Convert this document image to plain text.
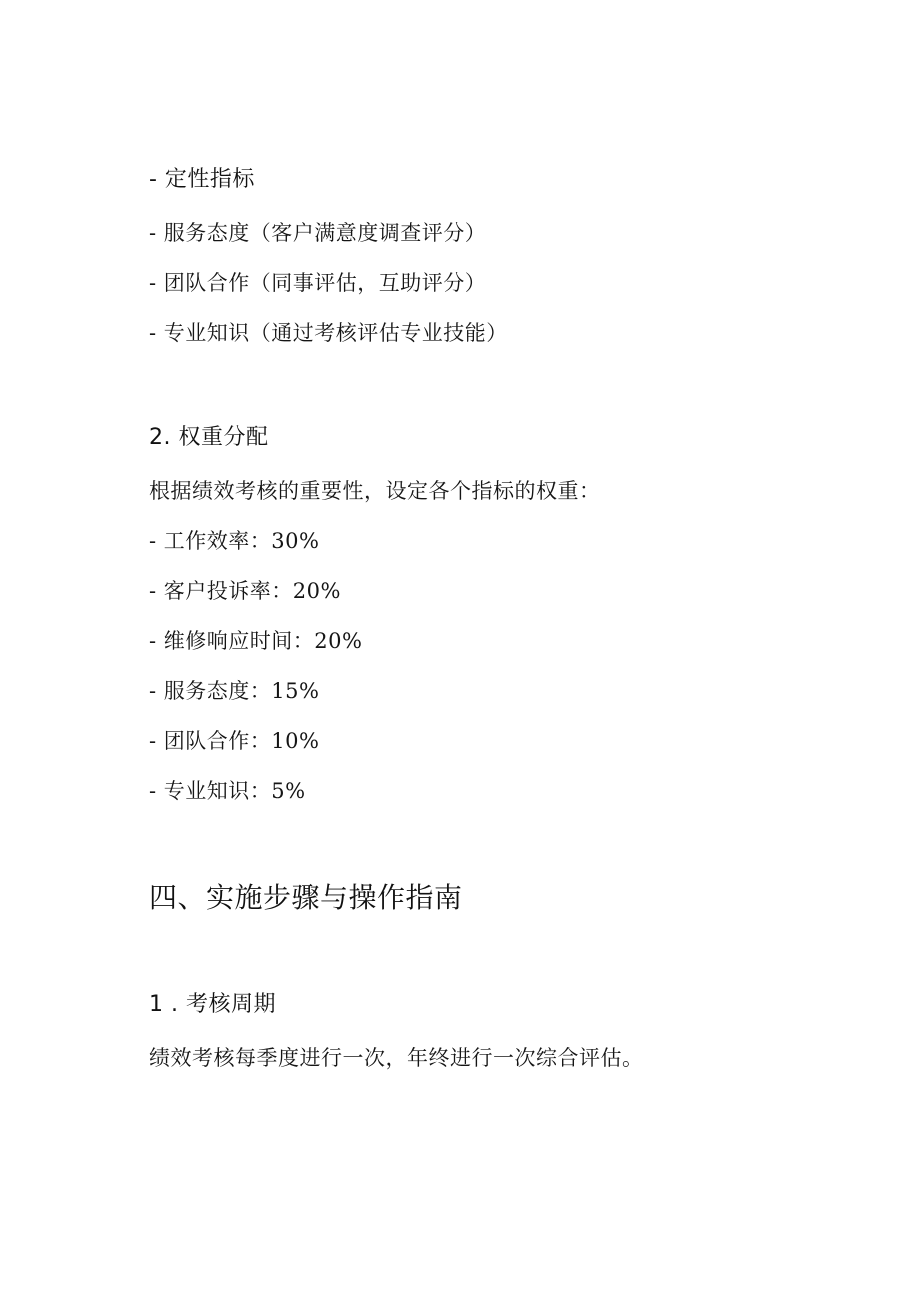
- 定性指标
- 服务态度（客户满意度调查评分）
- 团队合作（同事评估，互助评分）
- 专业知识（通过考核评估专业技能）
2. 权重分配
根据绩效考核的重要性，设定各个指标的权重：
- 工作效率：30%
- 客户投诉率：20%
- 维修响应时间：20%
- 服务态度：15%
- 团队合作：10%
- 专业知识：5%
四、实施步骤与操作指南
1 . 考核周期
绩效考核每季度进行一次，年终进行一次综合评估。
